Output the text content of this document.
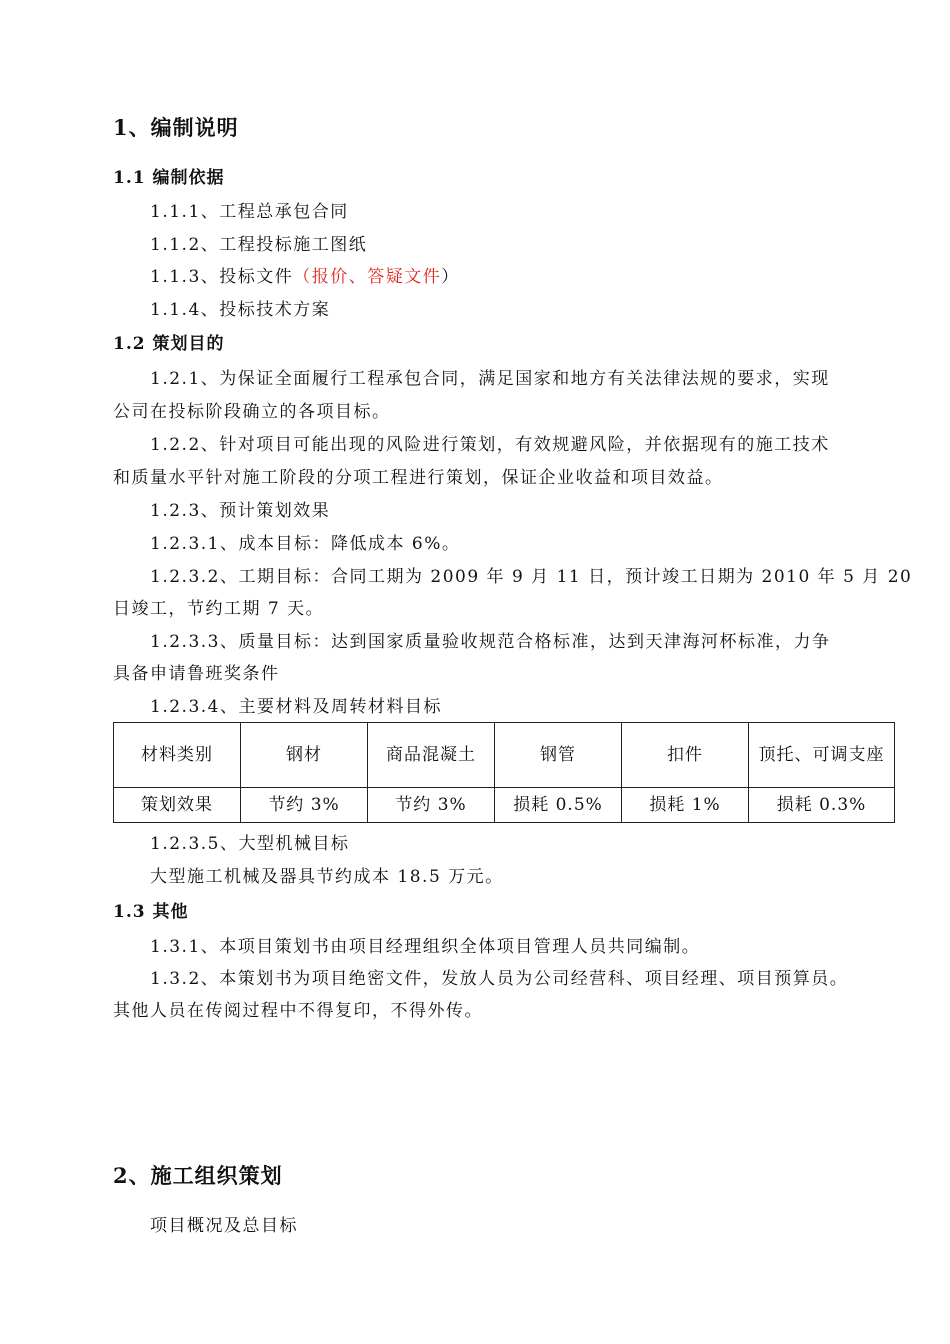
1、编制说明
1.1 编制依据
1.1.1、工程总承包合同
1.1.2、工程投标施工图纸
1.1.3、投标文件（报价、答疑文件）
1.1.4、投标技术方案
1.2 策划目的
1.2.1、为保证全面履行工程承包合同，满足国家和地方有关法律法规的要求，实现
公司在投标阶段确立的各项目标。
1.2.2、针对项目可能出现的风险进行策划，有效规避风险，并依据现有的施工技术
和质量水平针对施工阶段的分项工程进行策划，保证企业收益和项目效益。
1.2.3、预计策划效果
1.2.3.1、成本目标：降低成本 6%。
1.2.3.2、工期目标：合同工期为 2009 年 9 月 11 日，预计竣工日期为 2010 年 5 月 20
日竣工，节约工期 7 天。
1.2.3.3、质量目标：达到国家质量验收规范合格标准，达到天津海河杯标准，力争
具备申请鲁班奖条件
1.2.3.4、主要材料及周转材料目标
材料类别	钢材	商品混凝土	钢管	扣件	顶托、可调支座
策划效果	节约 3%	节约 3%	损耗 0.5%	损耗 1%	损耗 0.3%
1.2.3.5、大型机械目标
大型施工机械及器具节约成本 18.5 万元。
1.3 其他
1.3.1、本项目策划书由项目经理组织全体项目管理人员共同编制。
1.3.2、本策划书为项目绝密文件，发放人员为公司经营科、项目经理、项目预算员。
其他人员在传阅过程中不得复印，不得外传。
2、施工组织策划
项目概况及总目标
